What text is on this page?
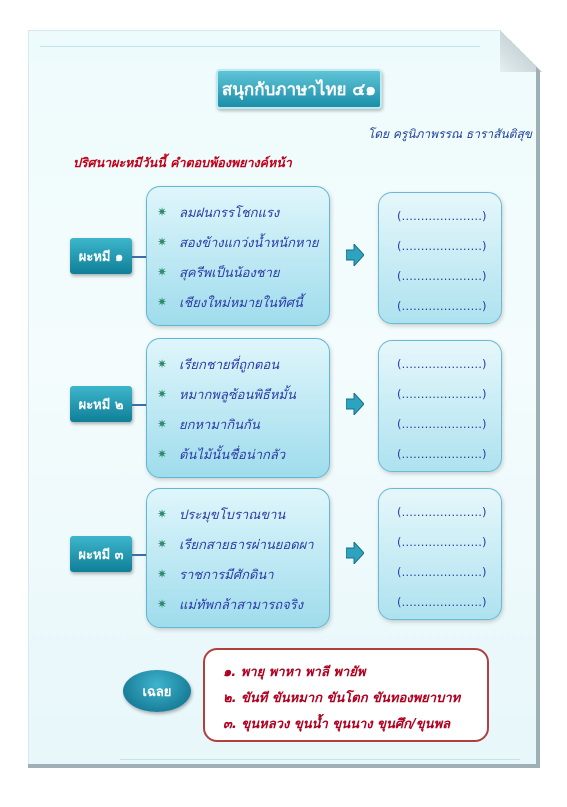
สนุกกับภาษาไทย ๔๑
โดย ครูนิภาพรรณ ธาราสันติสุข
ปริศนาผะหมีวันนี้ คำตอบพ้องพยางค์หน้า
ผะหมี ๑
✷ ลมฝนกรรโชกแรง
✷ สองข้างแกว่งน้ำหนักหาย
✷ สุครีพเป็นน้องชาย
✷ เชียงใหม่หมายในทิศนี้
(…………………)
(…………………)
(…………………)
(…………………)
ผะหมี ๒
✷ เรียกชายที่ถูกตอน
✷ หมากพลูซ้อนพิธีหมั้น
✷ ยกหามากินกัน
✷ ต้นไม้นั้นชื่อน่ากลัว
(…………………)
(…………………)
(…………………)
(…………………)
ผะหมี ๓
✷ ประมุขโบราณขาน
✷ เรียกสายธารผ่านยอดผา
✷ ราชการมีศักดินา
✷ แม่ทัพกล้าสามารถจริง
(…………………)
(…………………)
(…………………)
(…………………)
เฉลย
๑. พายุ พาหา พาลี พายัพ
๒. ขันที ขันหมาก ขันโตก ขันทองพยาบาท
๓. ขุนหลวง ขุนน้ำ ขุนนาง ขุนศึก/ขุนพล
